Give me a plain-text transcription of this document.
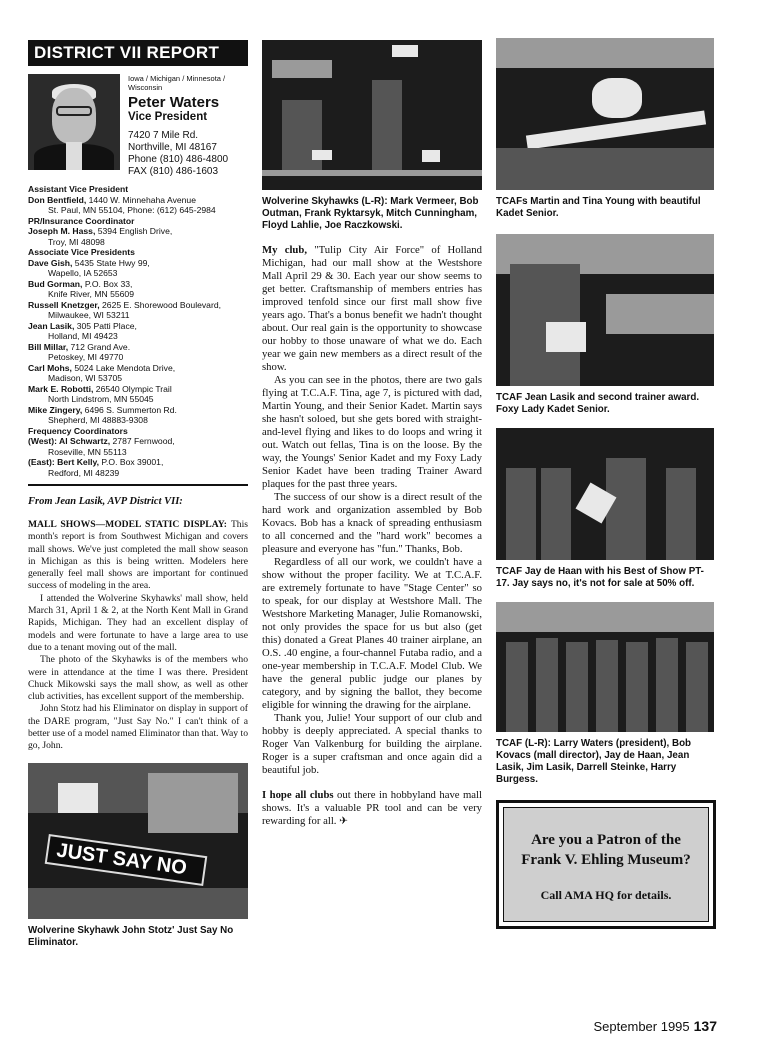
DISTRICT VII REPORT
Iowa / Michigan / Minnesota /
Wisconsin
Peter Waters
Vice President
7420 7 Mile Rd.
Northville, MI 48167
Phone (810) 486-4800
FAX (810) 486-1603
Assistant Vice President
Don Bentfield, 1440 W. Minnehaha Avenue
St. Paul, MN 55104, Phone: (612) 645-2984
PR/Insurance Coordinator
Joseph M. Hass, 5394 English Drive,
Troy, MI 48098
Associate Vice Presidents
Dave Gish, 5435 State Hwy 99,
Wapello, IA 52653
Bud Gorman, P.O. Box 33,
Knife River, MN 55609
Russell Knetzger, 2625 E. Shorewood Boulevard,
Milwaukee, WI 53211
Jean Lasik, 305 Patti Place,
Holland, MI 49423
Bill Millar, 712 Grand Ave.
Petoskey, MI 49770
Carl Mohs, 5024 Lake Mendota Drive,
Madison, WI 53705
Mark E. Robotti, 26540 Olympic Trail
North Lindstrom, MN 55045
Mike Zingery, 6496 S. Summerton Rd.
Shepherd, MI 48883-9308
Frequency Coordinators
(West): Al Schwartz, 2787 Fernwood,
Roseville, MN 55113
(East): Bert Kelly, P.O. Box 39001,
Redford, MI 48239
From Jean Lasik, AVP District VII:

MALL SHOWS—MODEL STATIC DISPLAY: This month's report is from Southwest Michigan and covers mall shows. We've just completed the mall show season in Michigan as this is being written. Modelers here generally feel mall shows are important for continued success of modeling in the area.

I attended the Wolverine Skyhawks' mall show, held March 31, April 1 & 2, at the North Kent Mall in Grand Rapids, Michigan. They had an excellent display of models and were fortunate to have a large area to use due to a tenant moving out of the mall.

The photo of the Skyhawks is of the members who were in attendance at the time I was there. President Chuck Mikowski says the mall show, as well as other club activities, has excellent support of the membership.

John Stotz had his Eliminator on display in support of the DARE program, "Just Say No." I can't think of a better use of a model named Eliminator than that. Way to go, John.

JUST SAY NO
Wolverine Skyhawk John Stotz' Just Say No Eliminator.
Wolverine Skyhawks (L-R): Mark Vermeer, Bob Outman, Frank Ryktarsyk, Mitch Cunningham, Floyd Lahlie, Joe Raczkowski.

My club, "Tulip City Air Force" of Holland Michigan, had our mall show at the Westshore Mall April 29 & 30. Each year our show seems to get better. Craftsmanship of members entries has improved tenfold since our first mall show five years ago. That's a bonus benefit we hadn't thought about. Our real gain is the opportunity to showcase our hobby to those unaware of what we do. Each year we gain new members as a direct result of the show.

As you can see in the photos, there are two gals flying at T.C.A.F. Tina, age 7, is pictured with dad, Martin Young, and their Senior Kadet. Martin says she hasn't soloed, but she gets bored with straight-and-level flying and likes to do loops and wring it out. Watch out fellas, Tina is on the loose. By the way, the Youngs' Senior Kadet and my Foxy Lady Senior Kadet have been trading Trainer Award plaques for the past three years.

The success of our show is a direct result of the hard work and organization assembled by Bob Kovacs. Bob has a knack of spreading enthusiasm to all concerned and the "hard work" becomes a pleasure and everyone has "fun." Thanks, Bob.

Regardless of all our work, we couldn't have a show without the proper facility. We at T.C.A.F. are extremely fortunate to have "Stage Center" so to speak, for our display at Westshore Mall. The Westshore Marketing Manager, Julie Romanowski, not only provides the space for us but also (get this) donated a Great Planes 40 trainer airplane, an O.S. .40 engine, a four-channel Futaba radio, and a one-year membership in T.C.A.F. Model Club. We have the general public judge our planes by category, and by signing the ballot, they become eligible for winning the drawing for the airplane.

Thank you, Julie! Your support of our club and hobby is deeply appreciated. A special thanks to Roger Van Valkenburg for building the airplane. Roger is a super craftsman and once again did a beautiful job.

I hope all clubs out there in hobbyland have mall shows. It's a valuable PR tool and can be very rewarding for all. ✈

TCAFs Martin and Tina Young with beautiful Kadet Senior.
TCAF Jean Lasik and second trainer award. Foxy Lady Kadet Senior.
TCAF Jay de Haan with his Best of Show PT-17. Jay says no, it's not for sale at 50% off.
TCAF (L-R): Larry Waters (president), Bob Kovacs (mall director), Jay de Haan, Jean Lasik, Jim Lasik, Darrell Steinke, Harry Burgess.
Are you a Patron of the Frank V. Ehling Museum?
Call AMA HQ for details.
September 1995 137
